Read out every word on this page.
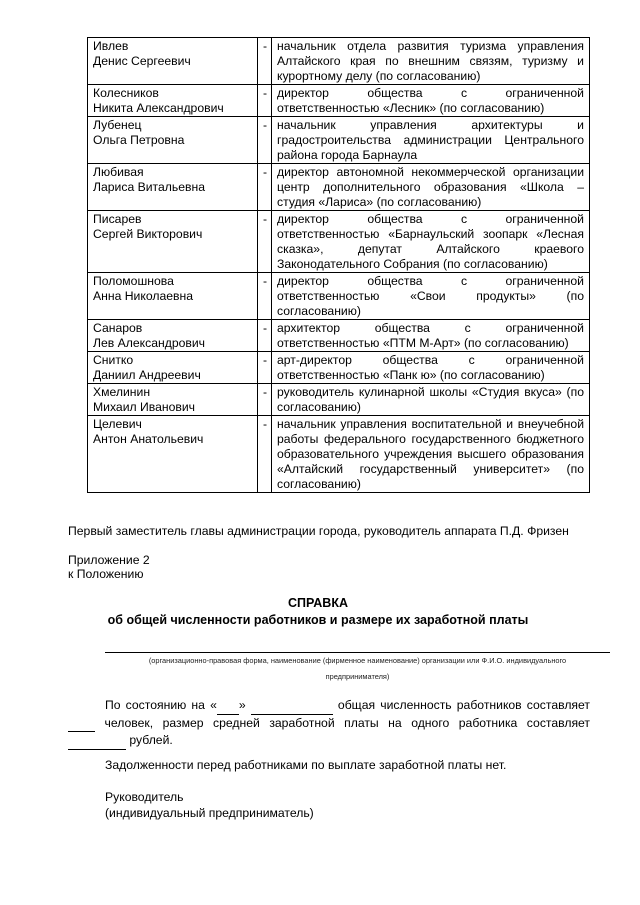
Ивлев
Денис Сергеевич	-	начальник отдела развития туризма управления Алтайского края по внешним связям, туризму и курортному делу (по согласованию)

Колесников
Никита Александрович	-	директор общества с ограниченной ответственностью «Лесник» (по согласованию)

Лубенец
Ольга Петровна	-	начальник управления архитектуры и градостроительства администрации Центрального района города Барнаула

Любивая
Лариса Витальевна	-	директор автономной некоммерческой организации центр дополнительного образования «Школа – студия «Лариса» (по согласованию)

Писарев
Сергей Викторович	-	директор общества с ограниченной ответственностью «Барнаульский зоопарк «Лесная сказка», депутат Алтайского краевого Законодательного Собрания (по согласованию)

Поломошнова
Анна Николаевна	-	директор общества с ограниченной ответственностью «Свои продукты» (по согласованию)

Санаров
Лев Александрович	-	архитектор общества с ограниченной ответственностью «ПТМ М-Арт» (по согласованию)

Снитко
Даниил Андреевич	-	арт-директор общества с ограниченной ответственностью «Панк ю» (по согласованию)

Хмелинин
Михаил Иванович	-	руководитель кулинарной школы «Студия вкуса» (по согласованию)

Целевич
Антон Анатольевич	-	начальник управления воспитательной и внеучебной работы федерального государственного бюджетного образовательного учреждения высшего образования «Алтайский государственный университет» (по согласованию)
Первый заместитель главы администрации города, руководитель аппарата П.Д. Фризен
Приложение 2
к Положению
СПРАВКА
об общей численности работников и размере их заработной платы
(организационно-правовая форма, наименование (фирменное наименование) организации или Ф.И.О. индивидуального
предпринимателя)
По состоянию на « »	общая численность работников составляет   человек, размер средней заработной платы на одного работника составляет   рублей.
Задолженности перед работниками по выплате заработной платы нет.
Руководитель
(индивидуальный предприниматель)
